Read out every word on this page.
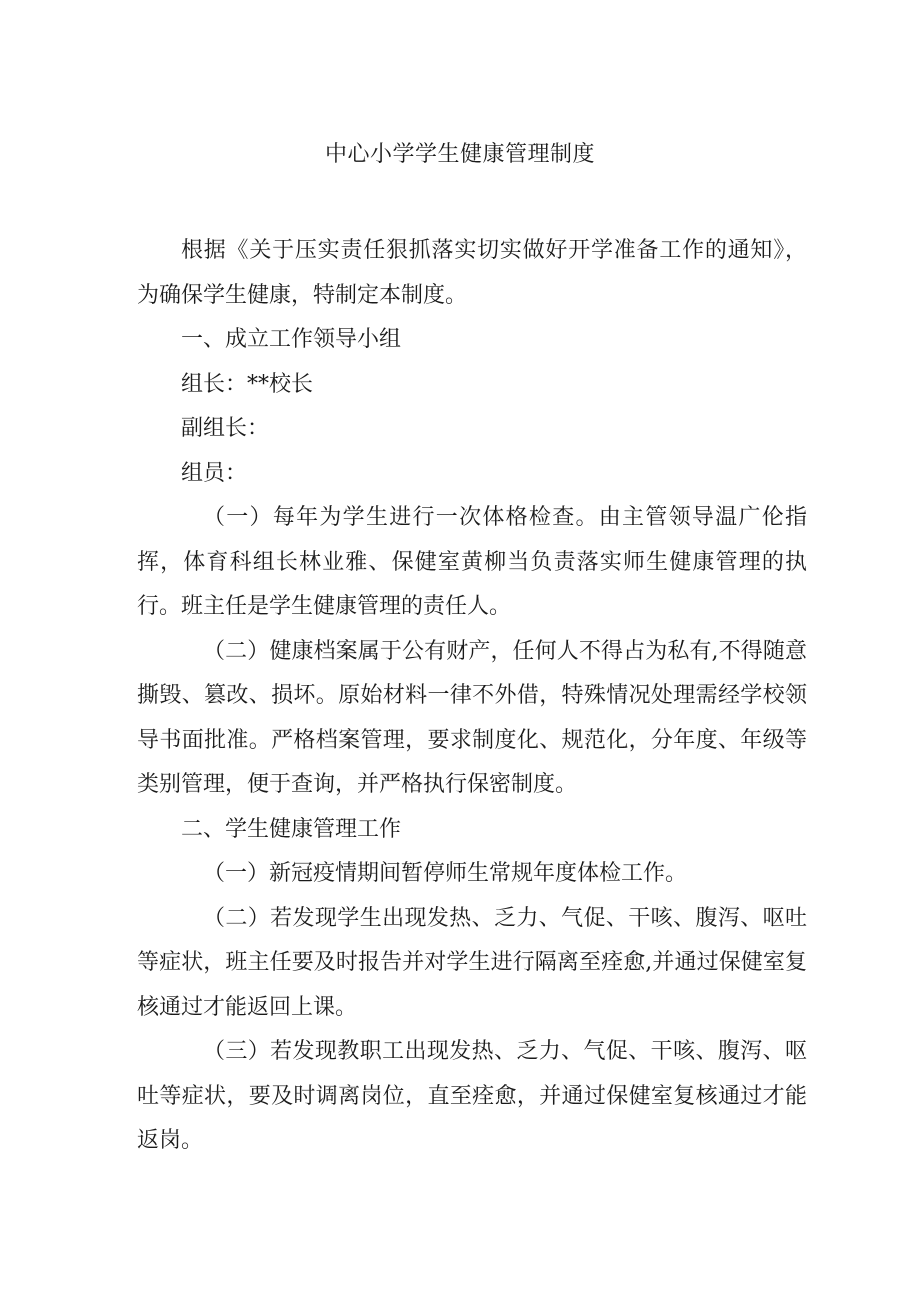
中心小学学生健康管理制度

根据《关于压实责任狠抓落实切实做好开学准备工作的通知》，为确保学生健康，特制定本制度。

一、成立工作领导小组

组长：**校长

副组长：

组员：

（一）每年为学生进行一次体格检查。由主管领导温广伦指挥，体育科组长林业雅、保健室黄柳当负责落实师生健康管理的执行。班主任是学生健康管理的责任人。

（二）健康档案属于公有财产，任何人不得占为私有,不得随意撕毁、篡改、损坏。原始材料一律不外借，特殊情况处理需经学校领导书面批准。严格档案管理，要求制度化、规范化，分年度、年级等类别管理，便于查询，并严格执行保密制度。

二、学生健康管理工作

（一）新冠疫情期间暂停师生常规年度体检工作。

（二）若发现学生出现发热、乏力、气促、干咳、腹泻、呕吐等症状，班主任要及时报告并对学生进行隔离至痊愈,并通过保健室复核通过才能返回上课。

（三）若发现教职工出现发热、乏力、气促、干咳、腹泻、呕吐等症状，要及时调离岗位，直至痊愈，并通过保健室复核通过才能返岗。
